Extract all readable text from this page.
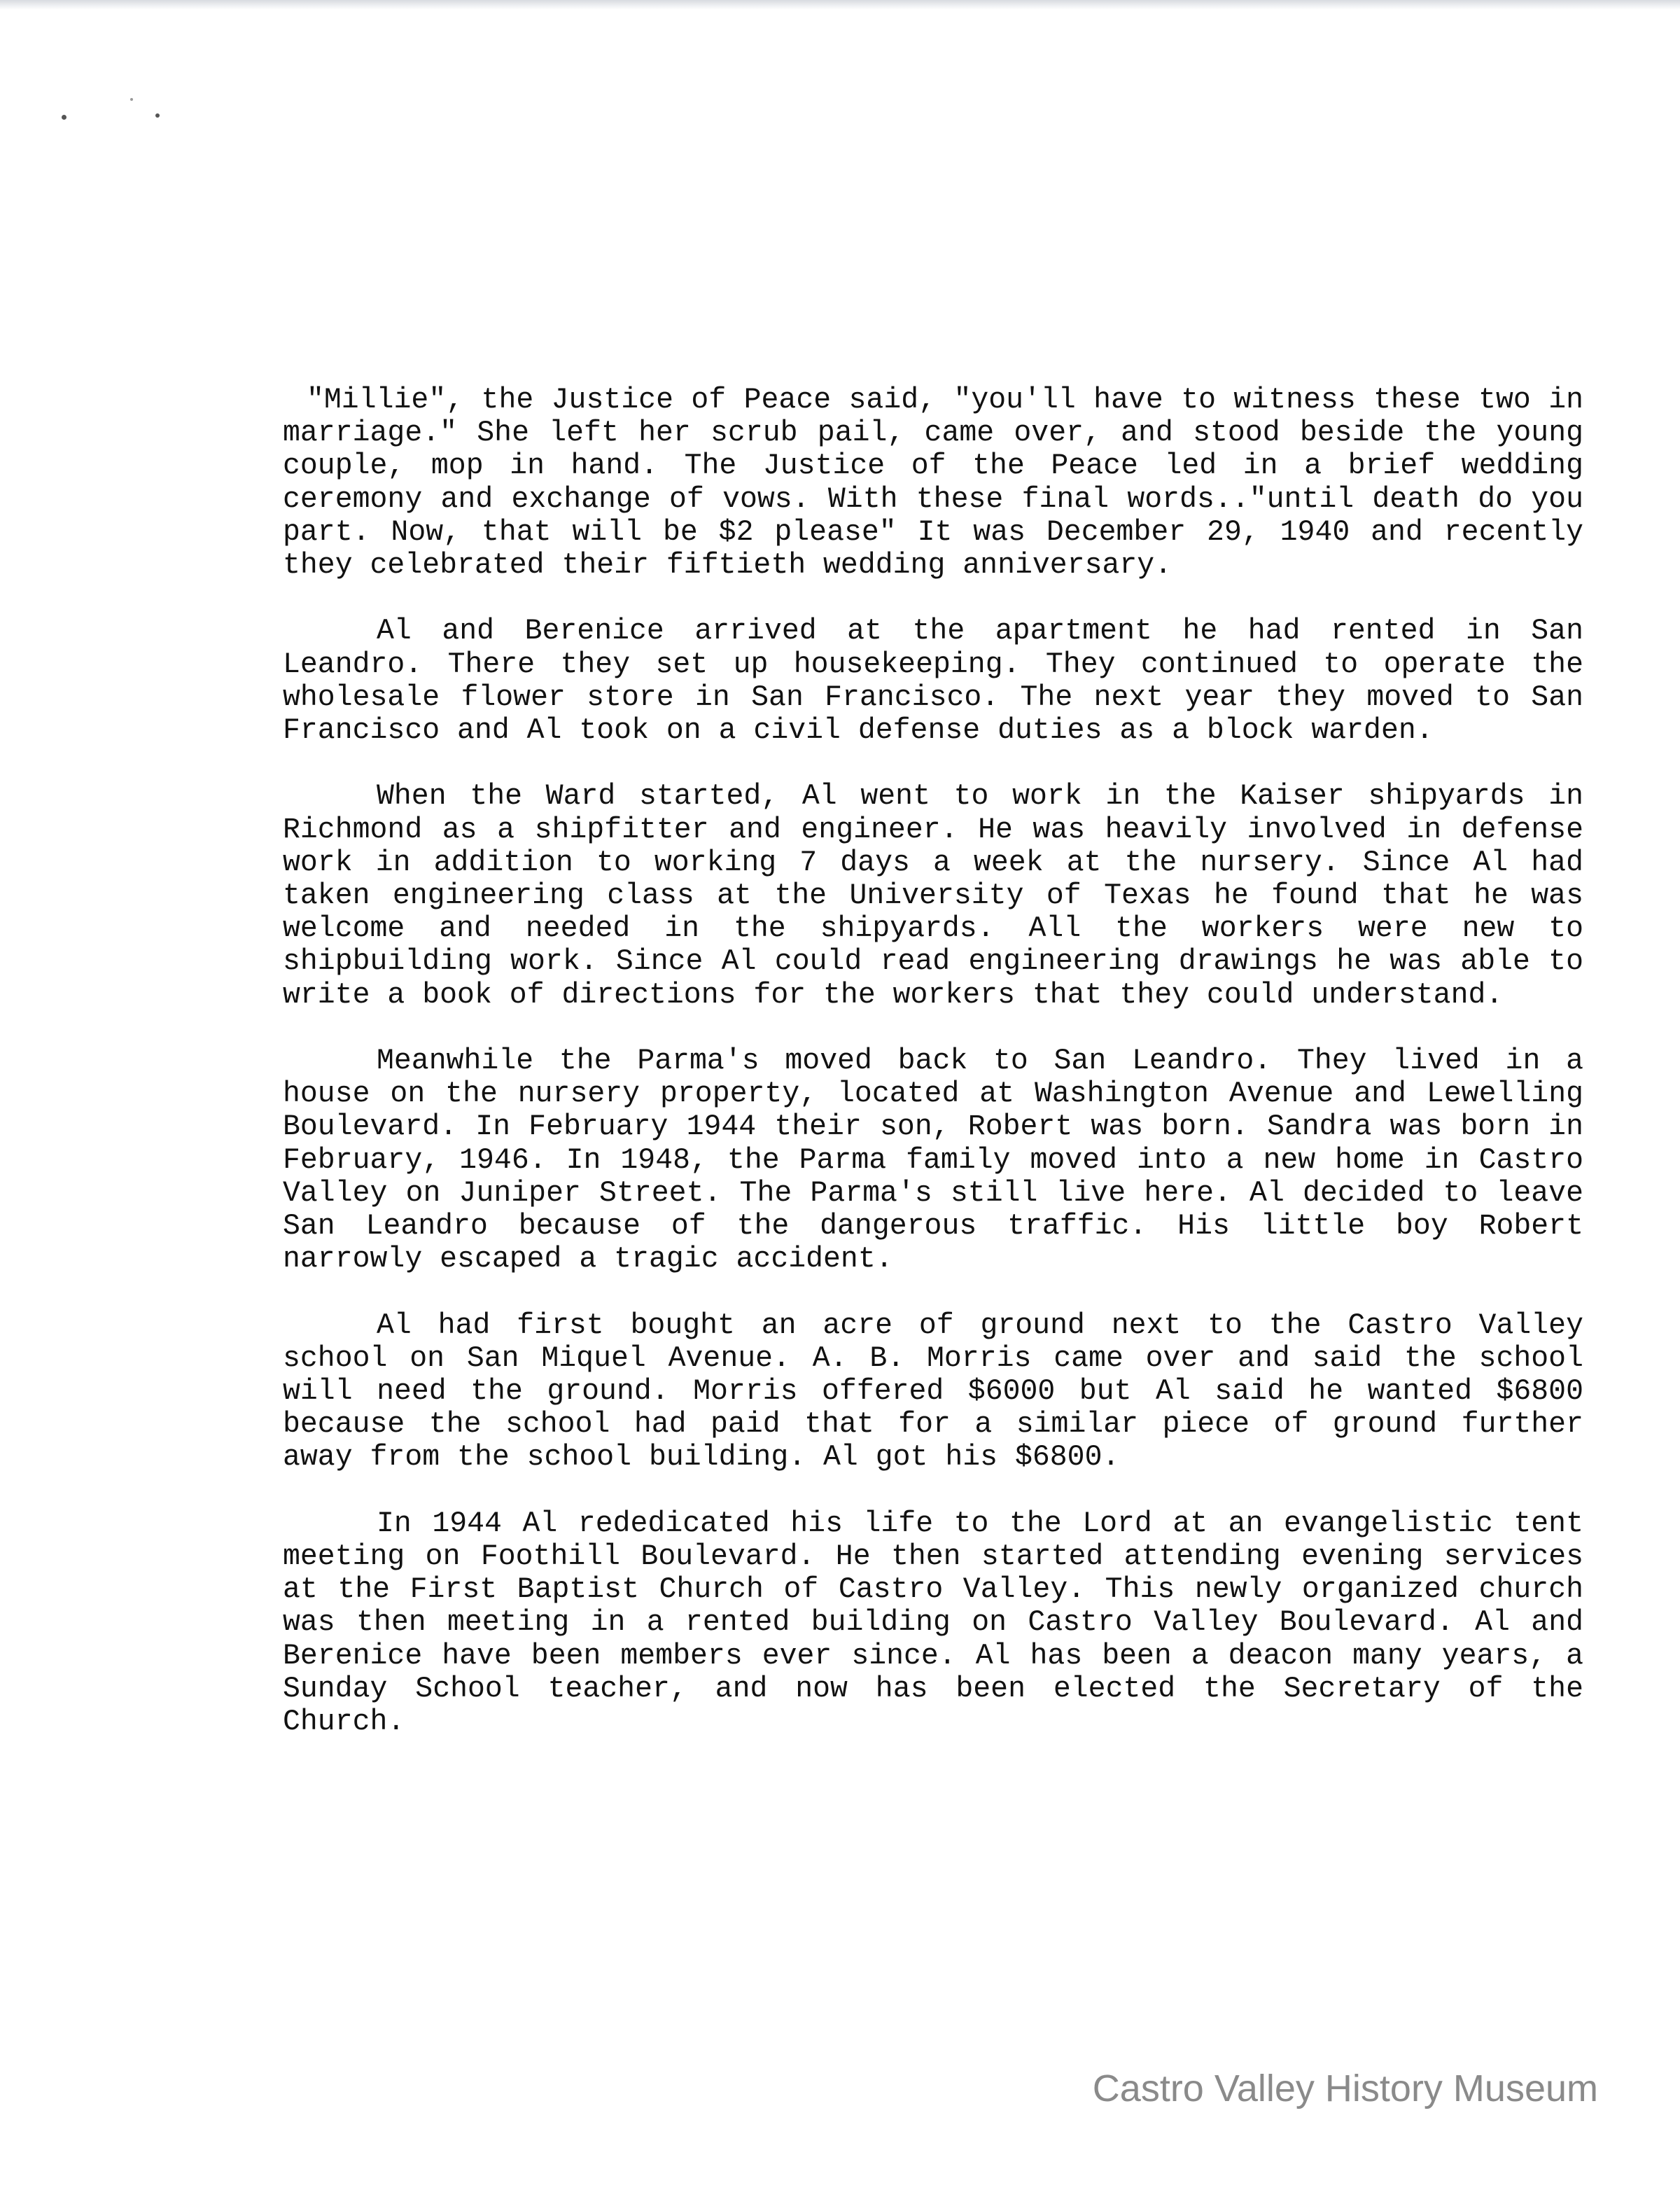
"Millie", the Justice of Peace said, "you'll have to witness these two in marriage." She left her scrub pail, came over, and stood beside the young couple, mop in hand. The Justice of the Peace led in a brief wedding ceremony and exchange of vows. With these final words.."until death do you part. Now, that will be $2 please" It was December 29, 1940 and recently they celebrated their fiftieth wedding anniversary.

Al and Berenice arrived at the apartment he had rented in San Leandro. There they set up housekeeping. They continued to operate the wholesale flower store in San Francisco. The next year they moved to San Francisco and Al took on a civil defense duties as a block warden.

When the Ward started, Al went to work in the Kaiser shipyards in Richmond as a shipfitter and engineer. He was heavily involved in defense work in addition to working 7 days a week at the nursery. Since Al had taken engineering class at the University of Texas he found that he was welcome and needed in the shipyards. All the workers were new to shipbuilding work. Since Al could read engineering drawings he was able to write a book of directions for the workers that they could understand.

Meanwhile the Parma's moved back to San Leandro. They lived in a house on the nursery property, located at Washington Avenue and Lewelling Boulevard. In February 1944 their son, Robert was born. Sandra was born in February, 1946. In 1948, the Parma family moved into a new home in Castro Valley on Juniper Street. The Parma's still live here. Al decided to leave San Leandro because of the dangerous traffic. His little boy Robert narrowly escaped a tragic accident.

Al had first bought an acre of ground next to the Castro Valley school on San Miquel Avenue. A. B. Morris came over and said the school will need the ground. Morris offered $6000 but Al said he wanted $6800 because the school had paid that for a similar piece of ground further away from the school building. Al got his $6800.

In 1944 Al rededicated his life to the Lord at an evangelistic tent meeting on Foothill Boulevard. He then started attending evening services at the First Baptist Church of Castro Valley. This newly organized church was then meeting in a rented building on Castro Valley Boulevard. Al and Berenice have been members ever since. Al has been a deacon many years, a Sunday School teacher, and now has been elected the Secretary of the Church.

Castro Valley History Museum
